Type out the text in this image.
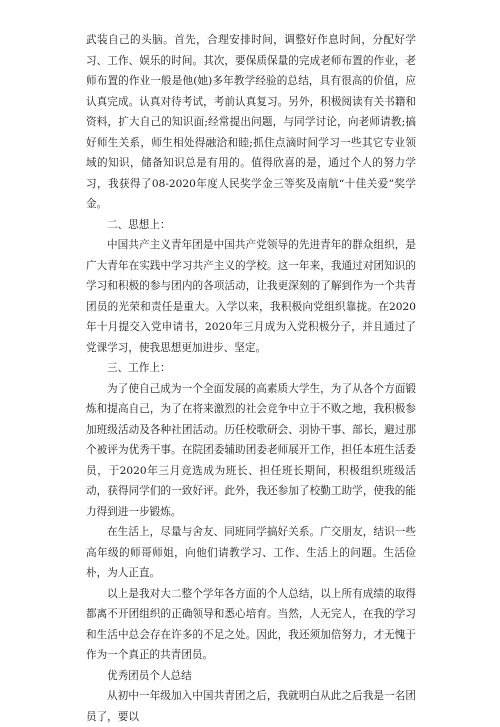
武装自己的头脑。首先，合理安排时间，调整好作息时间，分配好学习、工作、娱乐的时间。其次，要保质保量的完成老师布置的作业，老师布置的作业一般是他(她)多年教学经验的总结，具有很高的价值，应认真完成。认真对待考试，考前认真复习。另外，积极阅读有关书籍和资料，扩大自己的知识面;经常提出问题，与同学讨论，向老师请教;搞好师生关系，师生相处得融洽和睦;抓住点滴时间学习一些其它专业领域的知识，储备知识总是有用的。值得欣喜的是，通过个人的努力学习，我获得了08-2020年度人民奖学金三等奖及南航“十佳关爱”奖学金。

二、思想上：

中国共产主义青年团是中国共产党领导的先进青年的群众组织，是广大青年在实践中学习共产主义的学校。这一年来，我通过对团知识的学习和积极的参与团内的各项活动，让我更深刻的了解到作为一个共青团员的光荣和责任是重大。入学以来，我积极向党组织靠拢。在2020年十月提交入党申请书，2020年三月成为入党积极分子，并且通过了党课学习，使我思想更加进步、坚定。

三、工作上：

为了使自己成为一个全面发展的高素质大学生，为了从各个方面锻炼和提高自己，为了在将来激烈的社会竞争中立于不败之地，我积极参加班级活动及各种社团活动。历任校歌研会、羽协干事、部长，避过那个被评为优秀干事。在院团委辅助团委老师展开工作，担任本班生活委员，于2020年三月竞选成为班长、担任班长期间，积极组织班级活动，获得同学们的一致好评。此外，我还参加了校勤工助学，使我的能力得到进一步锻炼。

在生活上，尽量与舍友、同班同学搞好关系。广交朋友，结识一些高年级的师哥师姐，向他们请教学习、工作、生活上的问题。生活俭朴，为人正直。

以上是我对大二整个学年各方面的个人总结，以上所有成绩的取得都离不开团组织的正确领导和悉心培育。当然，人无完人，在我的学习和生活中总会存在许多的不足之处。因此，我还须加倍努力，才无愧于作为一个真正的共青团员。

优秀团员个人总结

从初中一年级加入中国共青团之后，我就明白从此之后我是一名团员了，要以
